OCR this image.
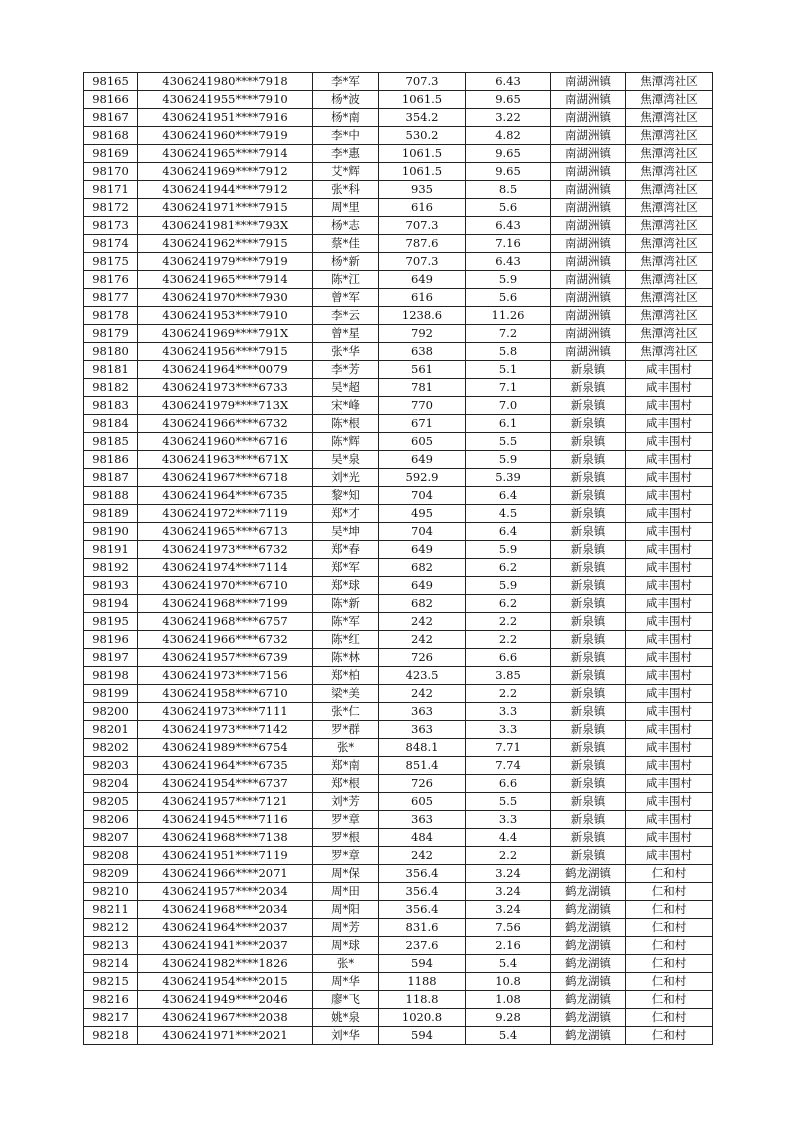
98165	4306241980****7918	李*军	707.3	6.43	南湖洲镇	焦潭湾社区
98166	4306241955****7910	杨*波	1061.5	9.65	南湖洲镇	焦潭湾社区
98167	4306241951****7916	杨*南	354.2	3.22	南湖洲镇	焦潭湾社区
98168	4306241960****7919	李*中	530.2	4.82	南湖洲镇	焦潭湾社区
98169	4306241965****7914	李*惠	1061.5	9.65	南湖洲镇	焦潭湾社区
98170	4306241969****7912	艾*辉	1061.5	9.65	南湖洲镇	焦潭湾社区
98171	4306241944****7912	张*科	935	8.5	南湖洲镇	焦潭湾社区
98172	4306241971****7915	周*里	616	5.6	南湖洲镇	焦潭湾社区
98173	4306241981****793X	杨*志	707.3	6.43	南湖洲镇	焦潭湾社区
98174	4306241962****7915	蔡*佳	787.6	7.16	南湖洲镇	焦潭湾社区
98175	4306241979****7919	杨*新	707.3	6.43	南湖洲镇	焦潭湾社区
98176	4306241965****7914	陈*江	649	5.9	南湖洲镇	焦潭湾社区
98177	4306241970****7930	曾*军	616	5.6	南湖洲镇	焦潭湾社区
98178	4306241953****7910	李*云	1238.6	11.26	南湖洲镇	焦潭湾社区
98179	4306241969****791X	曾*星	792	7.2	南湖洲镇	焦潭湾社区
98180	4306241956****7915	张*华	638	5.8	南湖洲镇	焦潭湾社区
98181	4306241964****0079	李*芳	561	5.1	新泉镇	咸丰围村
98182	4306241973****6733	吴*超	781	7.1	新泉镇	咸丰围村
98183	4306241979****713X	宋*峰	770	7.0	新泉镇	咸丰围村
98184	4306241966****6732	陈*根	671	6.1	新泉镇	咸丰围村
98185	4306241960****6716	陈*辉	605	5.5	新泉镇	咸丰围村
98186	4306241963****671X	吴*泉	649	5.9	新泉镇	咸丰围村
98187	4306241967****6718	刘*光	592.9	5.39	新泉镇	咸丰围村
98188	4306241964****6735	黎*知	704	6.4	新泉镇	咸丰围村
98189	4306241972****7119	郑*才	495	4.5	新泉镇	咸丰围村
98190	4306241965****6713	吴*坤	704	6.4	新泉镇	咸丰围村
98191	4306241973****6732	郑*春	649	5.9	新泉镇	咸丰围村
98192	4306241974****7114	郑*军	682	6.2	新泉镇	咸丰围村
98193	4306241970****6710	郑*球	649	5.9	新泉镇	咸丰围村
98194	4306241968****7199	陈*新	682	6.2	新泉镇	咸丰围村
98195	4306241968****6757	陈*军	242	2.2	新泉镇	咸丰围村
98196	4306241966****6732	陈*红	242	2.2	新泉镇	咸丰围村
98197	4306241957****6739	陈*林	726	6.6	新泉镇	咸丰围村
98198	4306241973****7156	郑*柏	423.5	3.85	新泉镇	咸丰围村
98199	4306241958****6710	梁*美	242	2.2	新泉镇	咸丰围村
98200	4306241973****7111	张*仁	363	3.3	新泉镇	咸丰围村
98201	4306241973****7142	罗*群	363	3.3	新泉镇	咸丰围村
98202	4306241989****6754	张*	848.1	7.71	新泉镇	咸丰围村
98203	4306241964****6735	郑*南	851.4	7.74	新泉镇	咸丰围村
98204	4306241954****6737	郑*根	726	6.6	新泉镇	咸丰围村
98205	4306241957****7121	刘*芳	605	5.5	新泉镇	咸丰围村
98206	4306241945****7116	罗*章	363	3.3	新泉镇	咸丰围村
98207	4306241968****7138	罗*根	484	4.4	新泉镇	咸丰围村
98208	4306241951****7119	罗*章	242	2.2	新泉镇	咸丰围村
98209	4306241966****2071	周*保	356.4	3.24	鹤龙湖镇	仁和村
98210	4306241957****2034	周*田	356.4	3.24	鹤龙湖镇	仁和村
98211	4306241968****2034	周*阳	356.4	3.24	鹤龙湖镇	仁和村
98212	4306241964****2037	周*芳	831.6	7.56	鹤龙湖镇	仁和村
98213	4306241941****2037	周*球	237.6	2.16	鹤龙湖镇	仁和村
98214	4306241982****1826	张*	594	5.4	鹤龙湖镇	仁和村
98215	4306241954****2015	周*华	1188	10.8	鹤龙湖镇	仁和村
98216	4306241949****2046	廖*飞	118.8	1.08	鹤龙湖镇	仁和村
98217	4306241967****2038	姚*泉	1020.8	9.28	鹤龙湖镇	仁和村
98218	4306241971****2021	刘*华	594	5.4	鹤龙湖镇	仁和村
